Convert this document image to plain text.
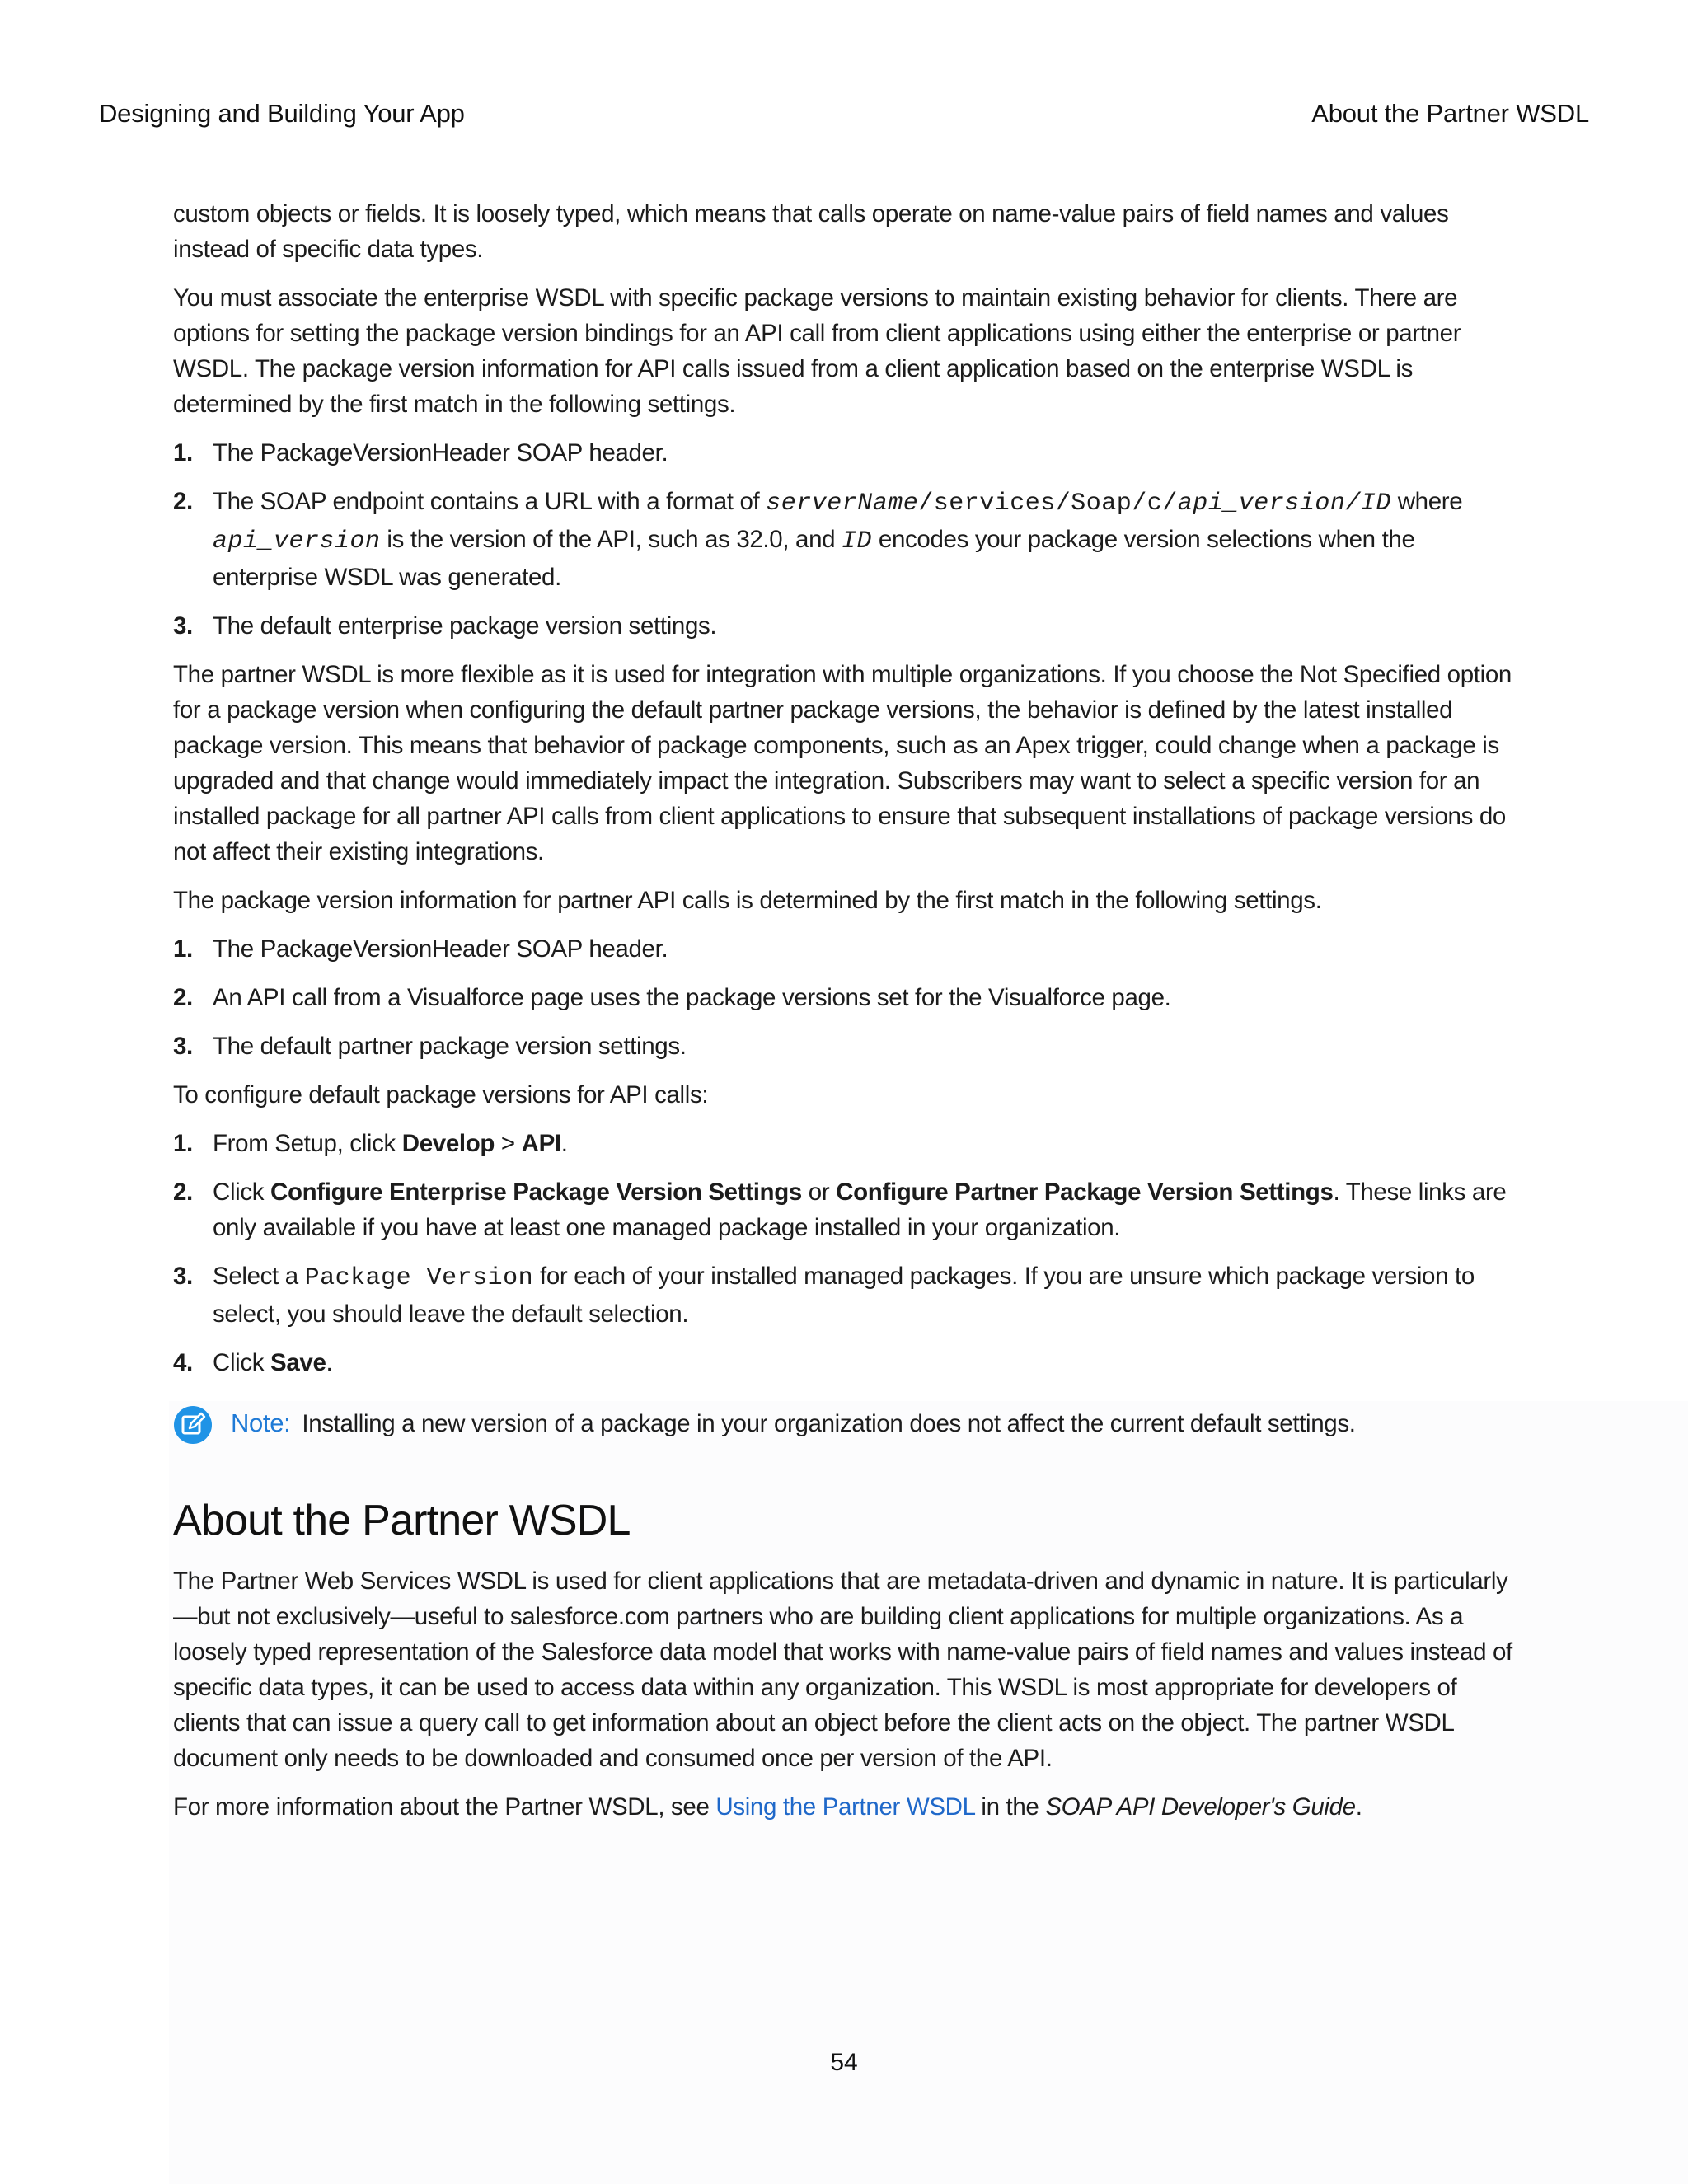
Designing and Building Your App	About the Partner WSDL

custom objects or fields. It is loosely typed, which means that calls operate on name-value pairs of field names and values instead of specific data types.

You must associate the enterprise WSDL with specific package versions to maintain existing behavior for clients. There are options for setting the package version bindings for an API call from client applications using either the enterprise or partner WSDL. The package version information for API calls issued from a client application based on the enterprise WSDL is determined by the first match in the following settings.

1. The PackageVersionHeader SOAP header.
2. The SOAP endpoint contains a URL with a format of serverName/services/Soap/c/api_version/ID where api_version is the version of the API, such as 32.0, and ID encodes your package version selections when the enterprise WSDL was generated.
3. The default enterprise package version settings.

The partner WSDL is more flexible as it is used for integration with multiple organizations. If you choose the Not Specified option for a package version when configuring the default partner package versions, the behavior is defined by the latest installed package version. This means that behavior of package components, such as an Apex trigger, could change when a package is upgraded and that change would immediately impact the integration. Subscribers may want to select a specific version for an installed package for all partner API calls from client applications to ensure that subsequent installations of package versions do not affect their existing integrations.

The package version information for partner API calls is determined by the first match in the following settings.

1. The PackageVersionHeader SOAP header.
2. An API call from a Visualforce page uses the package versions set for the Visualforce page.
3. The default partner package version settings.

To configure default package versions for API calls:

1. From Setup, click Develop > API.
2. Click Configure Enterprise Package Version Settings or Configure Partner Package Version Settings. These links are only available if you have at least one managed package installed in your organization.
3. Select a Package Version for each of your installed managed packages. If you are unsure which package version to select, you should leave the default selection.
4. Click Save.
Note: Installing a new version of a package in your organization does not affect the current default settings.
About the Partner WSDL

The Partner Web Services WSDL is used for client applications that are metadata-driven and dynamic in nature. It is particularly—but not exclusively—useful to salesforce.com partners who are building client applications for multiple organizations. As a loosely typed representation of the Salesforce data model that works with name-value pairs of field names and values instead of specific data types, it can be used to access data within any organization. This WSDL is most appropriate for developers of clients that can issue a query call to get information about an object before the client acts on the object. The partner WSDL document only needs to be downloaded and consumed once per version of the API.

For more information about the Partner WSDL, see Using the Partner WSDL in the SOAP API Developer's Guide.

54
